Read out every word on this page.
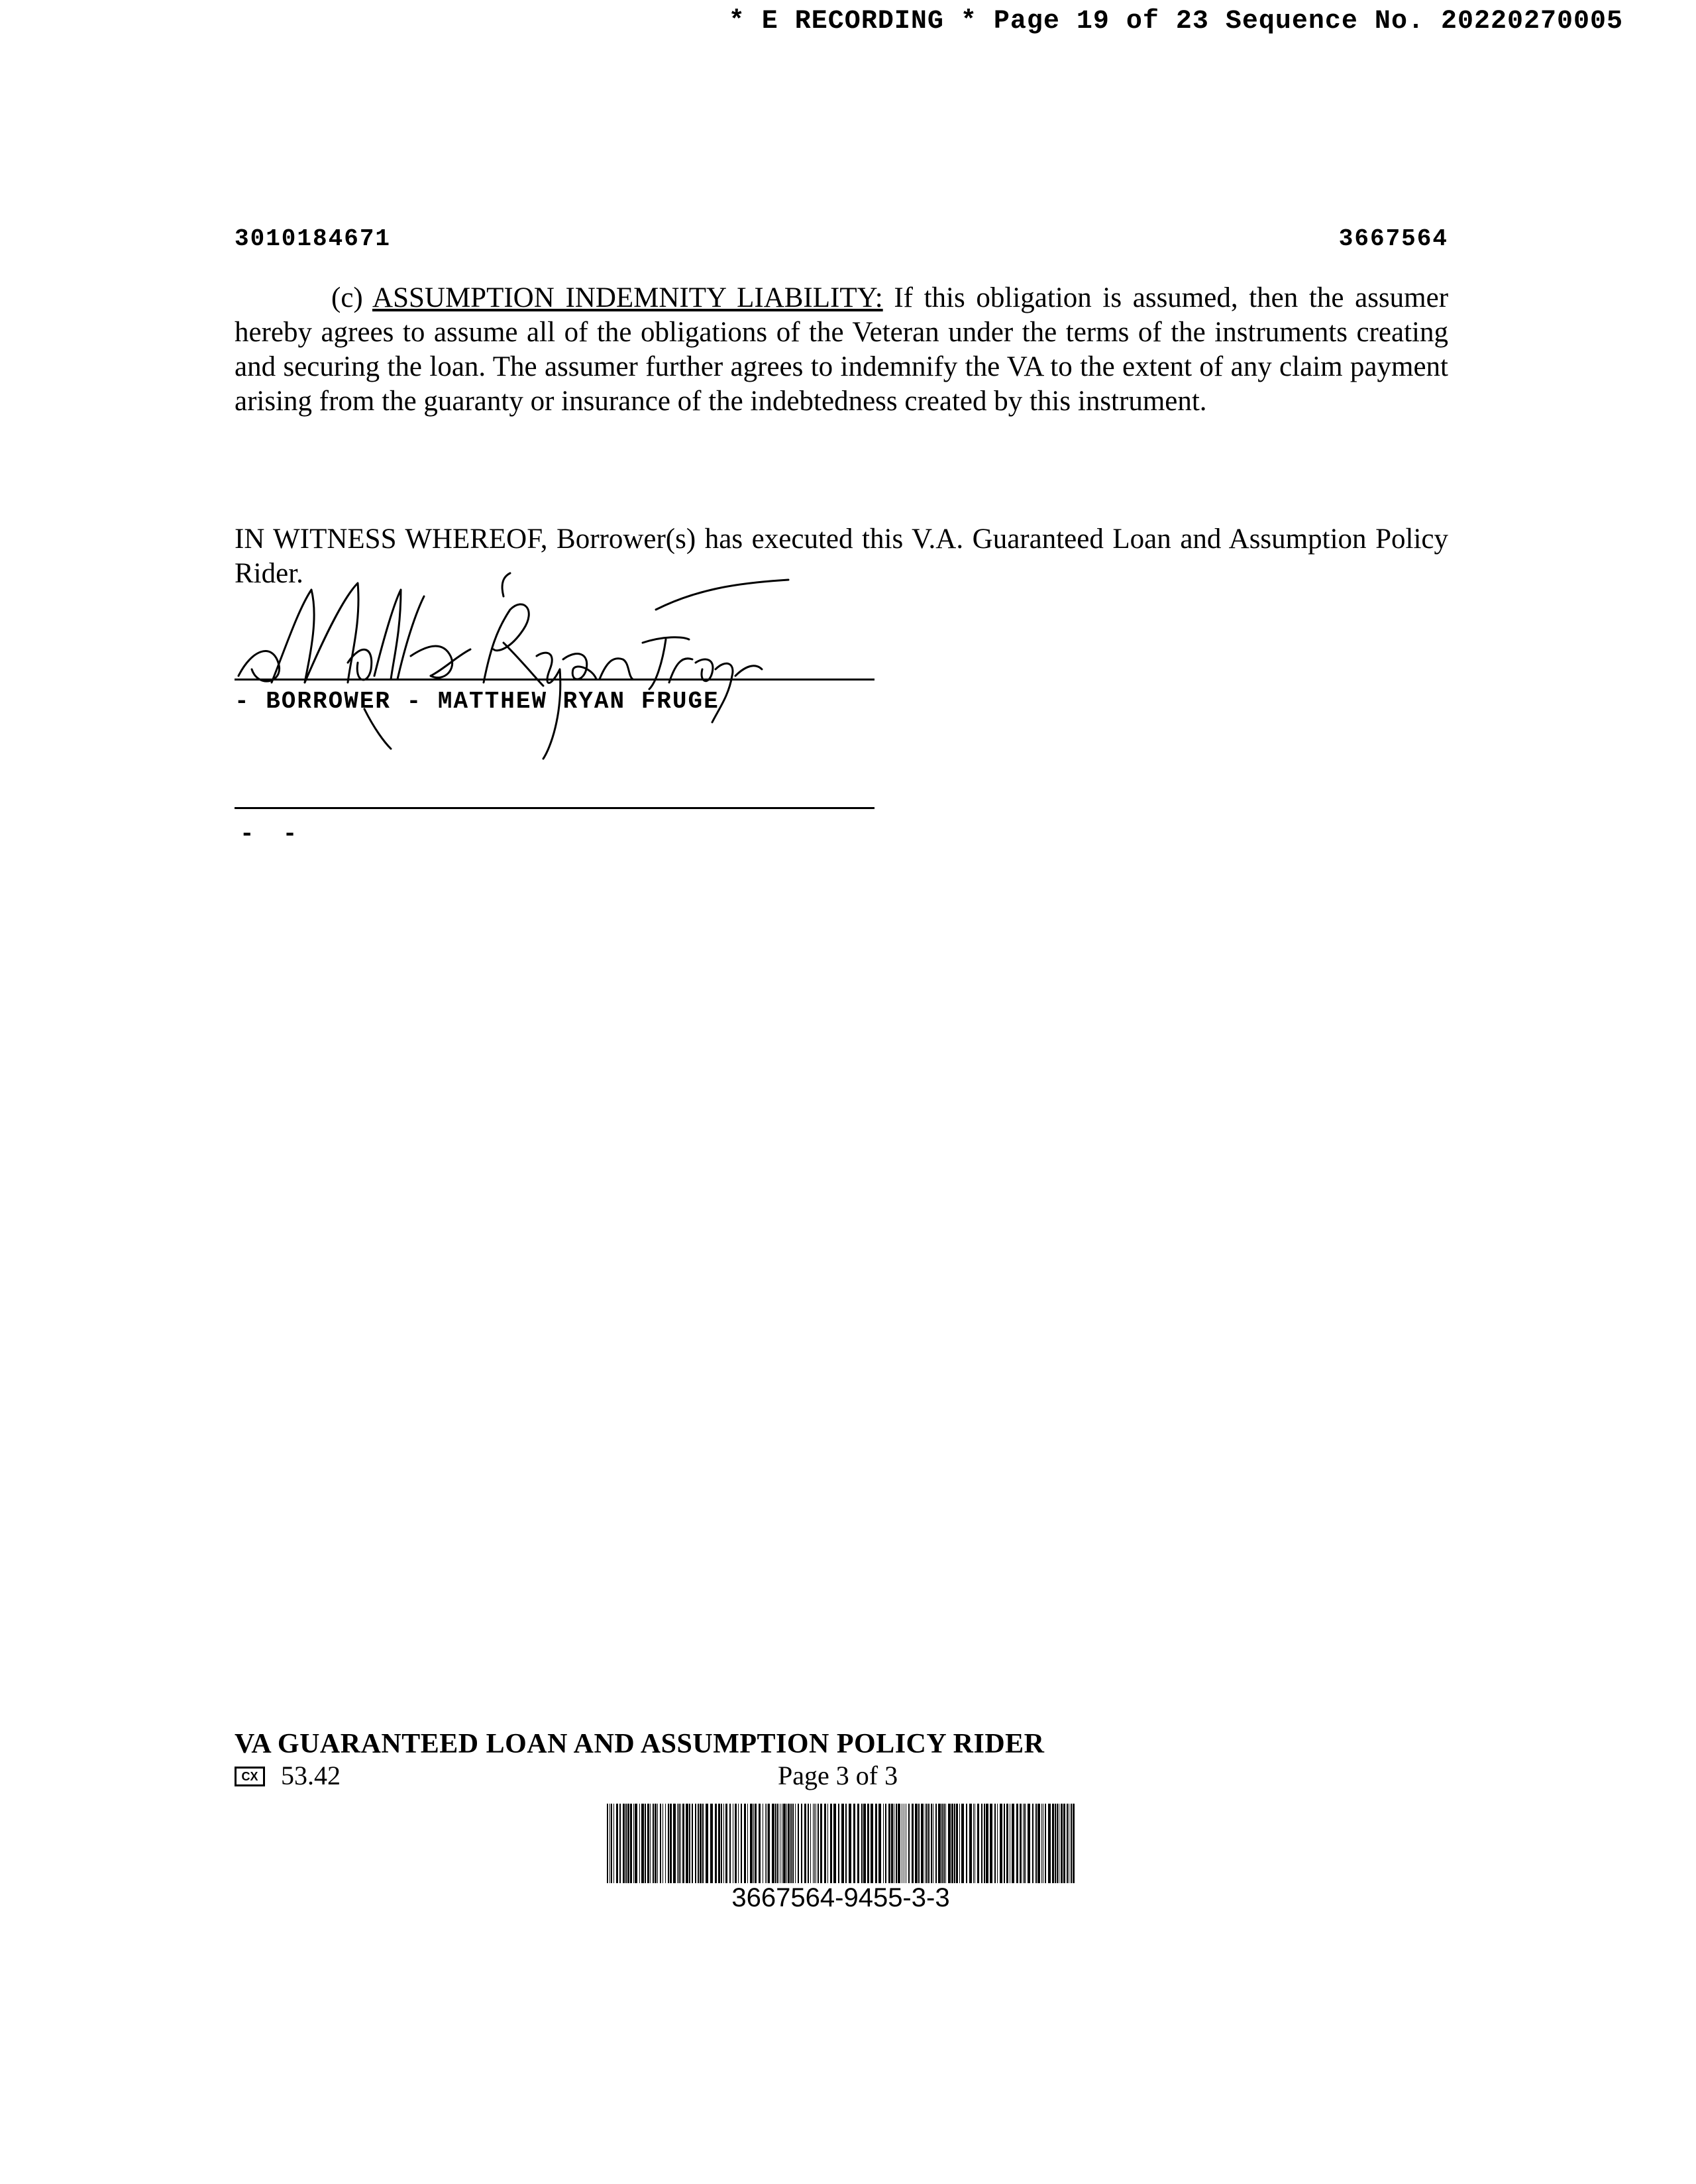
* E RECORDING * Page 19 of 23 Sequence No. 20220270005
3010184671	3667564

(c) ASSUMPTION INDEMNITY LIABILITY: If this obligation is assumed, then the assumer hereby agrees to assume all of the obligations of the Veteran under the terms of the instruments creating and securing the loan. The assumer further agrees to indemnify the VA to the extent of any claim payment arising from the guaranty or insurance of the indebtedness created by this instrument.

IN WITNESS WHEREOF, Borrower(s) has executed this V.A. Guaranteed Loan and Assumption Policy Rider.

- BORROWER - MATTHEW RYAN FRUGE
-  -
VA GUARANTEED LOAN AND ASSUMPTION POLICY RIDER
CX 53.42	Page 3 of 3
3667564-9455-3-3
